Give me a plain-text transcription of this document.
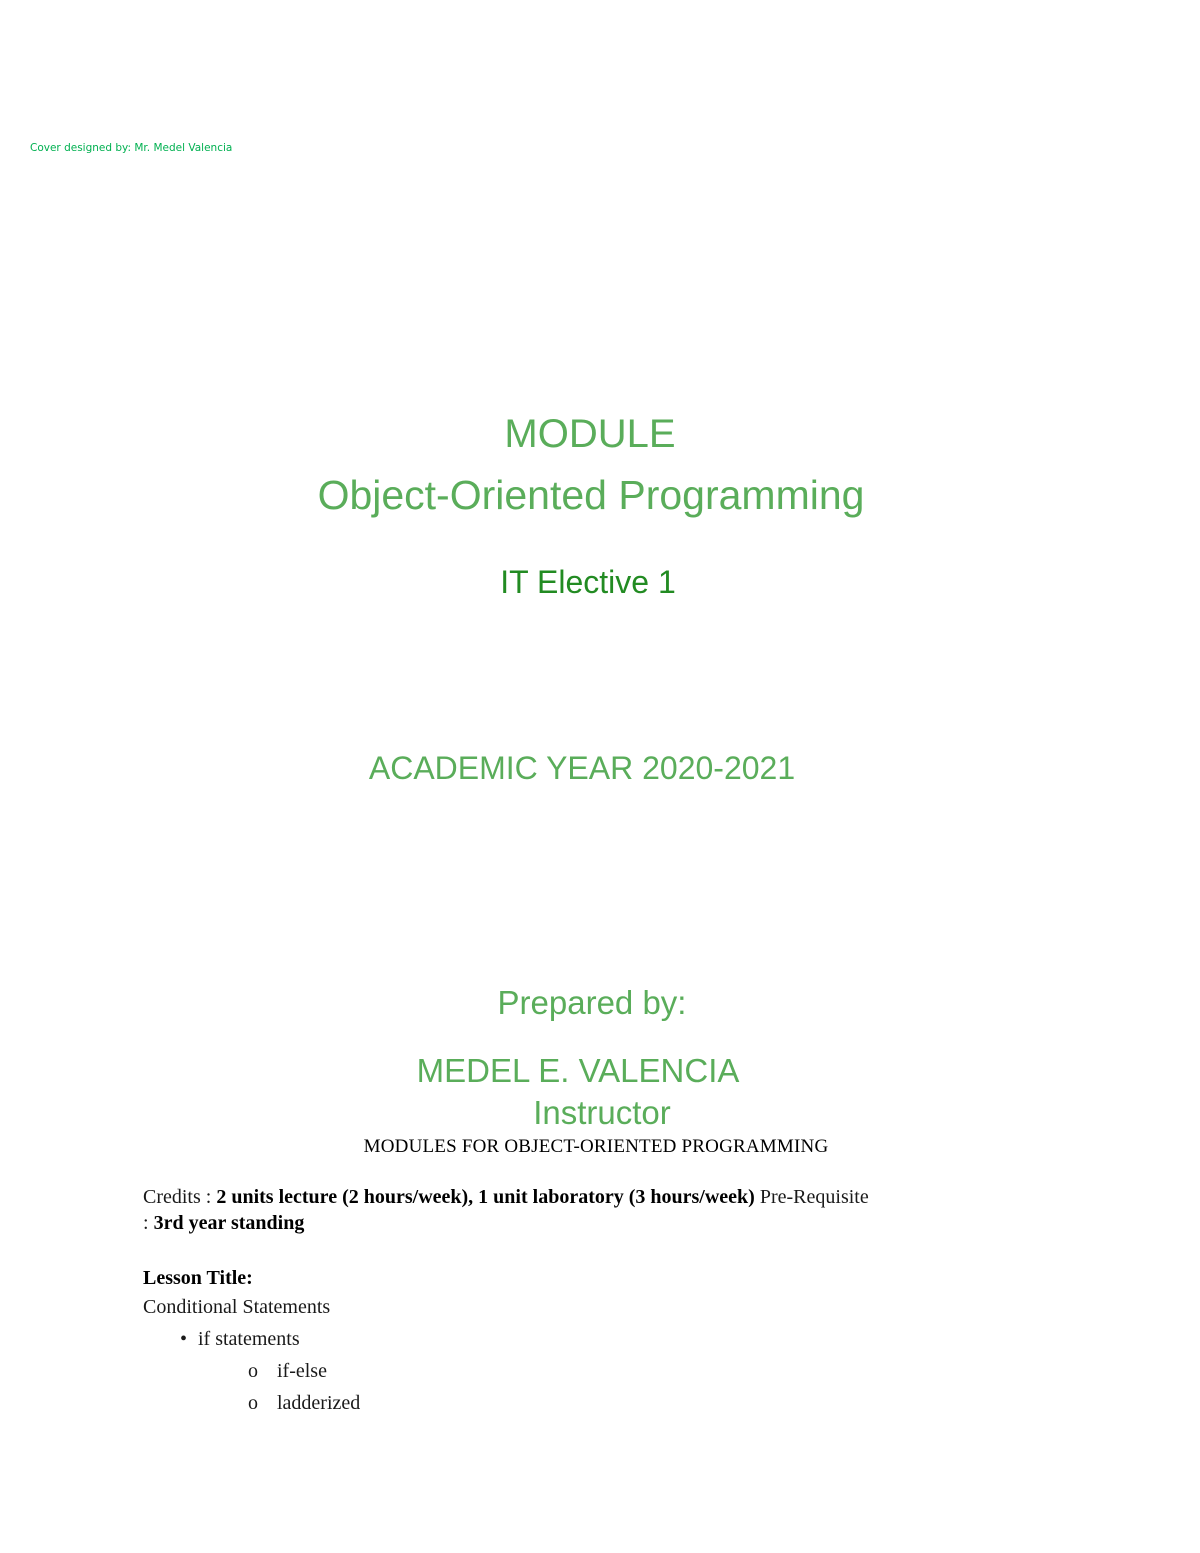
Cover designed by: Mr. Medel Valencia
MODULE
Object-Oriented Programming
IT Elective 1
ACADEMIC YEAR 2020-2021
Prepared by:
MEDEL E. VALENCIA
Instructor
MODULES FOR OBJECT-ORIENTED PROGRAMMING
Credits : 2 units lecture (2 hours/week), 1 unit laboratory (3 hours/week) Pre-Requisite
: 3rd year standing
Lesson Title:
Conditional Statements
• if statements
o if-else
o ladderized
